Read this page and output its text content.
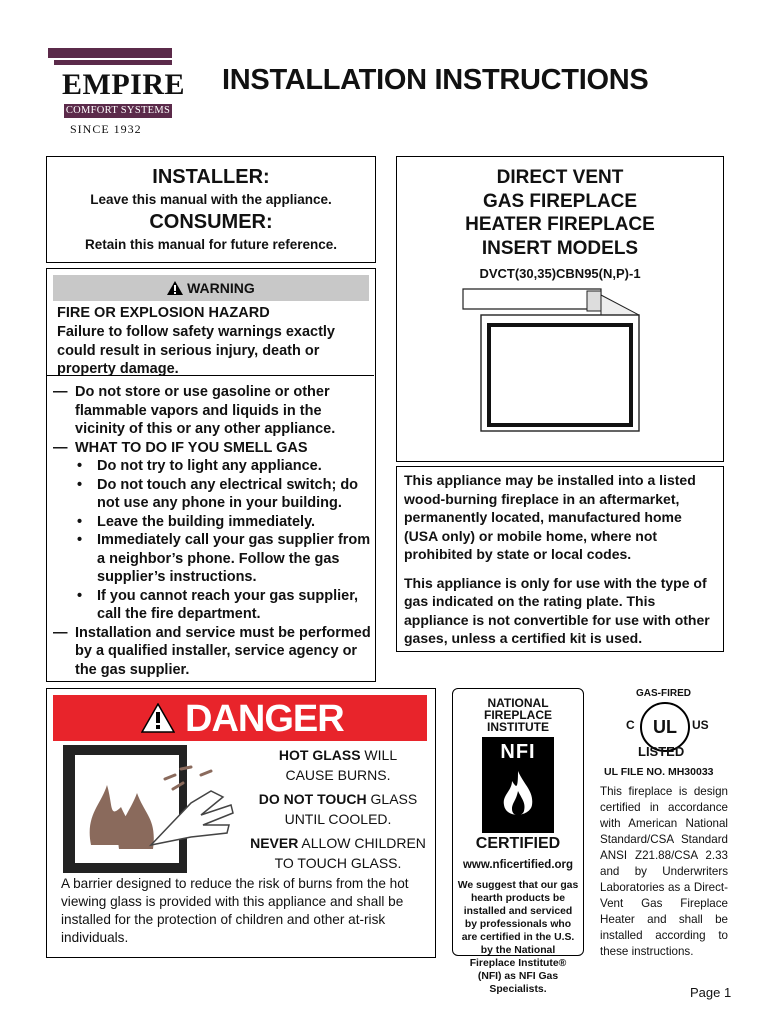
EMPIRE
COMFORT SYSTEMS
SINCE 1932
INSTALLATION INSTRUCTIONS
INSTALLER:
Leave this manual with the appliance.
CONSUMER:
Retain this manual for future reference.
WARNING
FIRE OR EXPLOSION HAZARD
Failure to follow safety warnings exactly could result in serious injury, death or property damage.
— Do not store or use gasoline or other flammable vapors and liquids in the vicinity of this or any other appliance.
— WHAT TO DO IF YOU SMELL GAS
• Do not try to light any appliance.
• Do not touch any electrical switch; do not use any phone in your building.
• Leave the building immediately.
• Immediately call your gas supplier from a neighbor’s phone. Follow the gas supplier’s instructions.
• If you cannot reach your gas supplier, call the fire department.
— Installation and service must be performed by a qualified installer, service agency or the gas supplier.
DIRECT VENT
GAS FIREPLACE
HEATER FIREPLACE
INSERT MODELS
DVCT(30,35)CBN95(N,P)-1

This appliance may be installed into a listed wood-burning fireplace in an aftermarket, permanently located, manufactured home (USA only) or mobile home, where not prohibited by state or local codes.

This appliance is only for use with the type of gas indicated on the rating plate. This appliance is not convertible for use with other gases, unless a certified kit is used.

DANGER
HOT GLASS WILL
CAUSE BURNS.
DO NOT TOUCH GLASS
UNTIL COOLED.
NEVER ALLOW CHILDREN
TO TOUCH GLASS.
A barrier designed to reduce the risk of burns from the hot viewing glass is provided with this appliance and shall be installed for the protection of children and other at-risk individuals.
NATIONAL
FIREPLACE
INSTITUTE
NFI
CERTIFIED
www.nficertified.org
We suggest that our gas hearth products be installed and serviced by professionals who are certified in the U.S. by the National Fireplace Institute® (NFI) as NFI Gas Specialists.
GAS-FIRED
UL
C	US
LISTED
UL FILE NO. MH30033
This fireplace is design certified in accordance with American National Standard/CSA Standard ANSI Z21.88/CSA 2.33 and by Underwriters Laboratories as a Direct-Vent Gas Fireplace Heater and shall be installed according to these instructions.
Page 1
